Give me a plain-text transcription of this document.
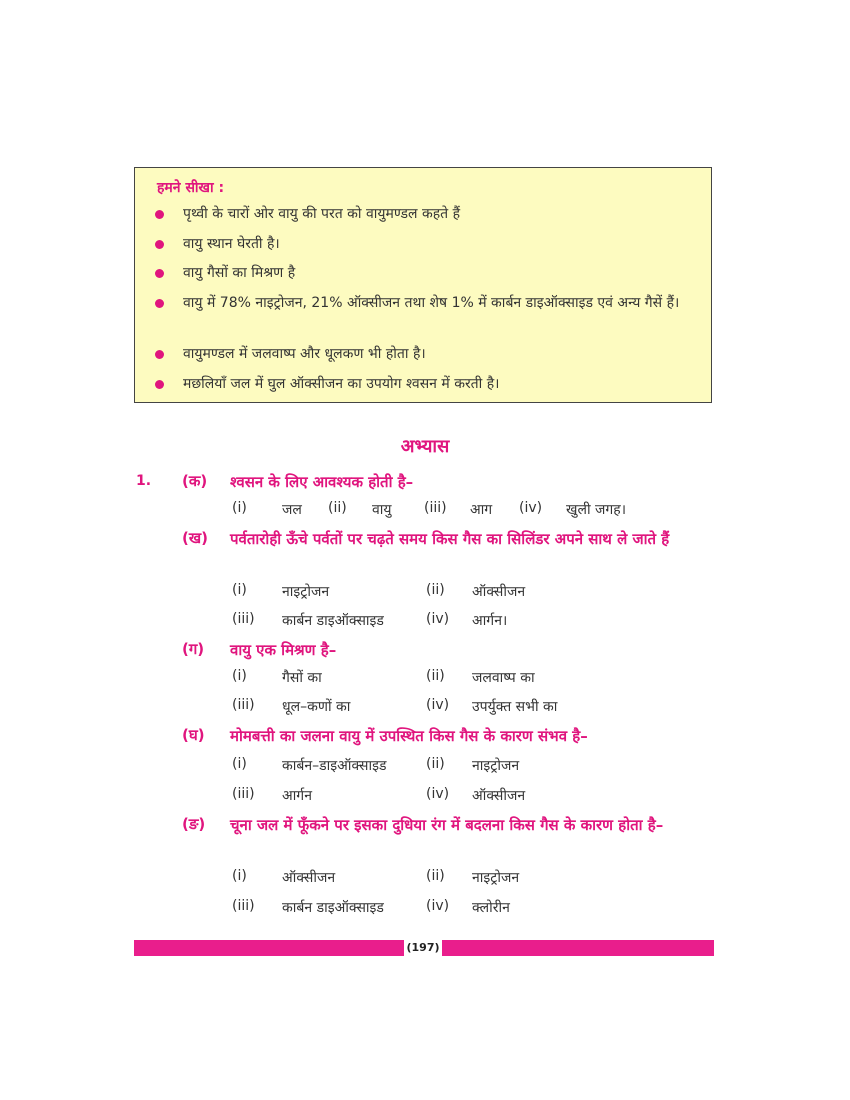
हमने सीखा :
पृथ्वी के चारों ओर वायु की परत को वायुमण्डल कहते हैं
वायु स्थान घेरती है।
वायु गैसों का मिश्रण है
वायु में 78% नाइट्रोजन, 21% ऑक्सीजन तथा शेष 1% में कार्बन डाइऑक्साइड एवं अन्य गैसें हैं।
वायुमण्डल में जलवाष्प और धूलकण भी होता है।
मछलियाँ जल में घुल ऑक्सीजन का उपयोग श्वसन में करती है।
अभ्यास
1. (क) श्वसन के लिए आवश्यक होती है–
(i)	जल (ii) वायु (iii) आग (iv) खुली जगह।
(ख) पर्वतारोही ऊँचे पर्वतों पर चढ़ते समय किस गैस का सिलिंडर अपने साथ ले जाते हैं
(i)	नाइट्रोजन	(ii) ऑक्सीजन
(iii) कार्बन डाइऑक्साइड	(iv) आर्गन।
(ग) वायु एक मिश्रण है–
(i)	गैसों का	(ii) जलवाष्प का
(iii) धूल–कणों का	(iv) उपर्युक्त सभी का
(घ) मोमबत्ती का जलना वायु में उपस्थित किस गैस के कारण संभव है–
(i)	कार्बन–डाइऑक्साइड	(ii) नाइट्रोजन
(iii) आर्गन	(iv) ऑक्सीजन
(ङ) चूना जल में फूँकने पर इसका दुधिया रंग में बदलना किस गैस के कारण होता है–
(i)	ऑक्सीजन	(ii) नाइट्रोजन
(iii) कार्बन डाइऑक्साइड	(iv) क्लोरीन
(197)
